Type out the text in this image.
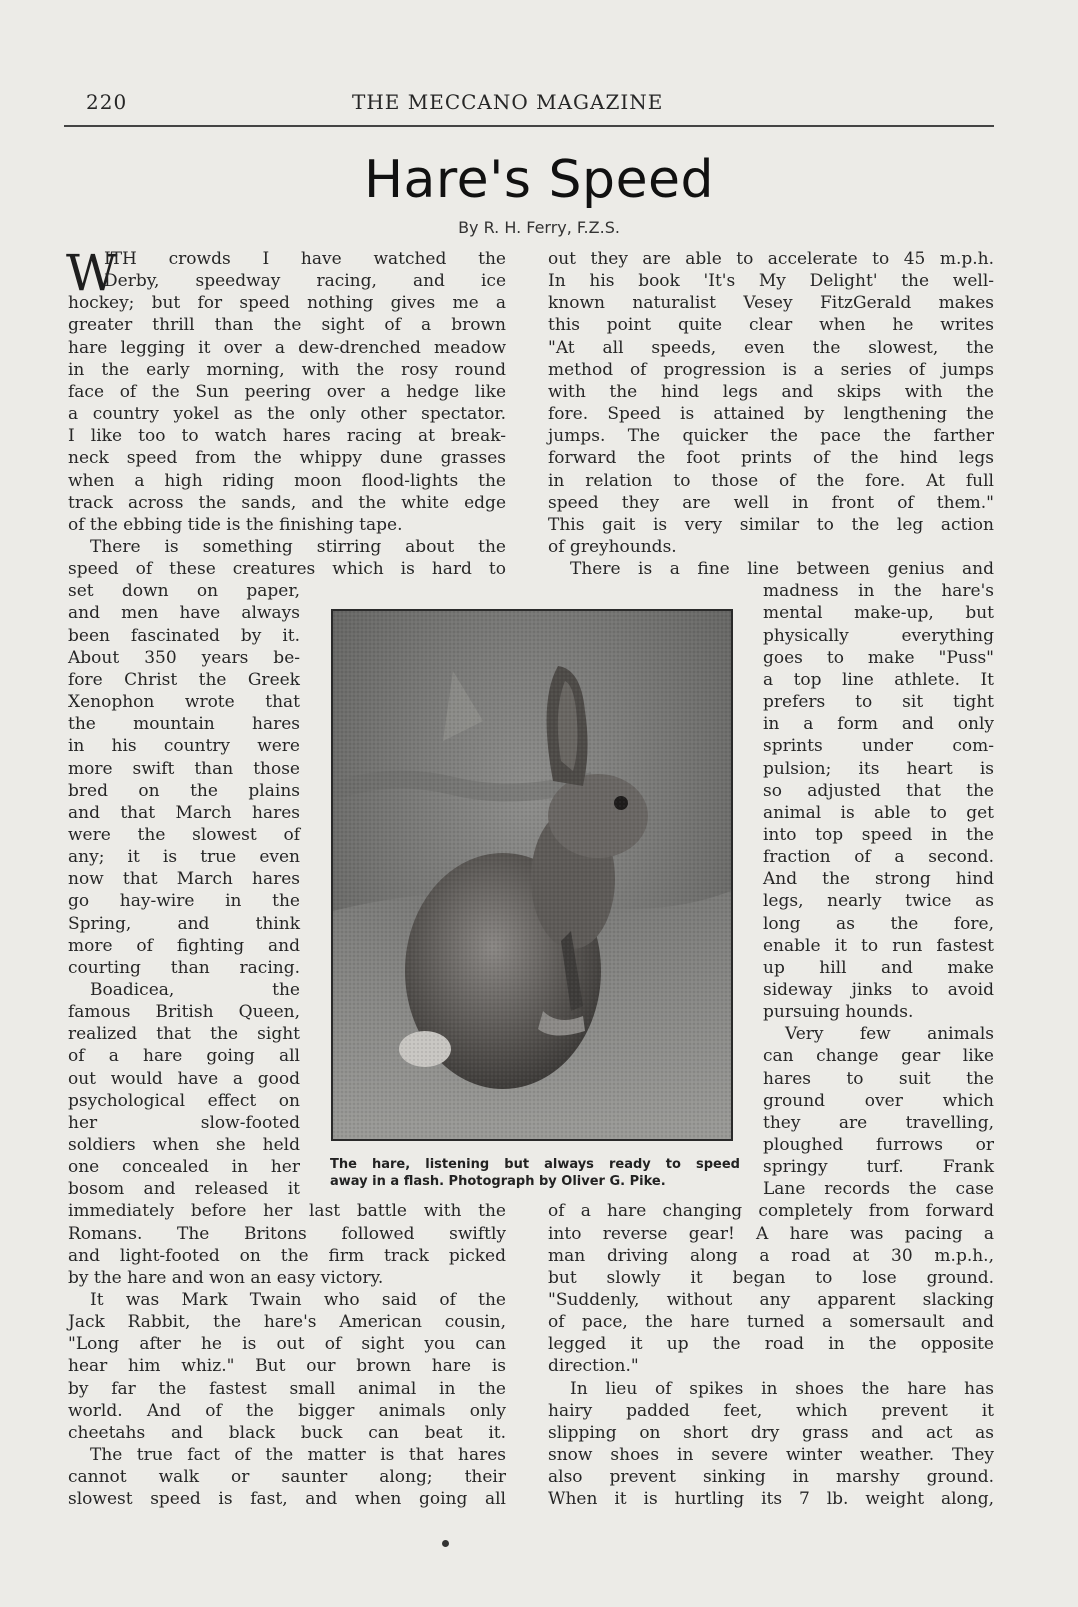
220	THE MECCANO MAGAZINE
Hare's Speed
By R. H. Ferry, F.Z.S.
W
ITH crowds I have watched the
Derby, speedway racing, and ice
hockey; but for speed nothing gives me a
greater thrill than the sight of a brown
hare legging it over a dew-drenched meadow
in the early morning, with the rosy round
face of the Sun peering over a hedge like
a country yokel as the only other spectator.
I like too to watch hares racing at break-
neck speed from the whippy dune grasses
when a high riding moon flood-lights the
track across the sands, and the white edge
of the ebbing tide is the finishing tape.
There is something stirring about the
speed of these creatures which is hard to
set down on paper,
and men have always
been fascinated by it.
About 350 years be-
fore Christ the Greek
Xenophon wrote that
the mountain hares
in his country were
more swift than those
bred on the plains
and that March hares
were the slowest of
any; it is true even
now that March hares
go hay-wire in the
Spring, and think
more of fighting and
courting than racing.
Boadicea, the
famous British Queen,
realized that the sight
of a hare going all
out would have a good
psychological effect on
her slow-footed
soldiers when she held
one concealed in her
bosom and released it
immediately before her last battle with the
Romans. The Britons followed swiftly
and light-footed on the firm track picked
by the hare and won an easy victory.
It was Mark Twain who said of the
Jack Rabbit, the hare's American cousin,
"Long after he is out of sight you can
hear him whiz." But our brown hare is
by far the fastest small animal in the
world. And of the bigger animals only
cheetahs and black buck can beat it.
The true fact of the matter is that hares
cannot walk or saunter along; their
slowest speed is fast, and when going all
out they are able to accelerate to 45 m.p.h.
In his book 'It's My Delight' the well-
known naturalist Vesey FitzGerald makes
this point quite clear when he writes
"At all speeds, even the slowest, the
method of progression is a series of jumps
with the hind legs and skips with the
fore. Speed is attained by lengthening the
jumps. The quicker the pace the farther
forward the foot prints of the hind legs
in relation to those of the fore. At full
speed they are well in front of them."
This gait is very similar to the leg action
of greyhounds.
There is a fine line between genius and
madness in the hare's
mental make-up, but
physically everything
goes to make "Puss"
a top line athlete. It
prefers to sit tight
in a form and only
sprints under com-
pulsion; its heart is
so adjusted that the
animal is able to get
into top speed in the
fraction of a second.
And the strong hind
legs, nearly twice as
long as the fore,
enable it to run fastest
up hill and make
sideway jinks to avoid
pursuing hounds.
Very few animals
can change gear like
hares to suit the
ground over which
they are travelling,
ploughed furrows or
springy turf. Frank
Lane records the case
of a hare changing completely from forward
into reverse gear! A hare was pacing a
man driving along a road at 30 m.p.h.,
but slowly it began to lose ground.
"Suddenly, without any apparent slacking
of pace, the hare turned a somersault and
legged it up the road in the opposite
direction."
In lieu of spikes in shoes the hare has
hairy padded feet, which prevent it
slipping on short dry grass and act as
snow shoes in severe winter weather. They
also prevent sinking in marshy ground.
When it is hurtling its 7 lb. weight along,
The hare, listening but always ready to speed
away in a flash. Photograph by Oliver G. Pike.
